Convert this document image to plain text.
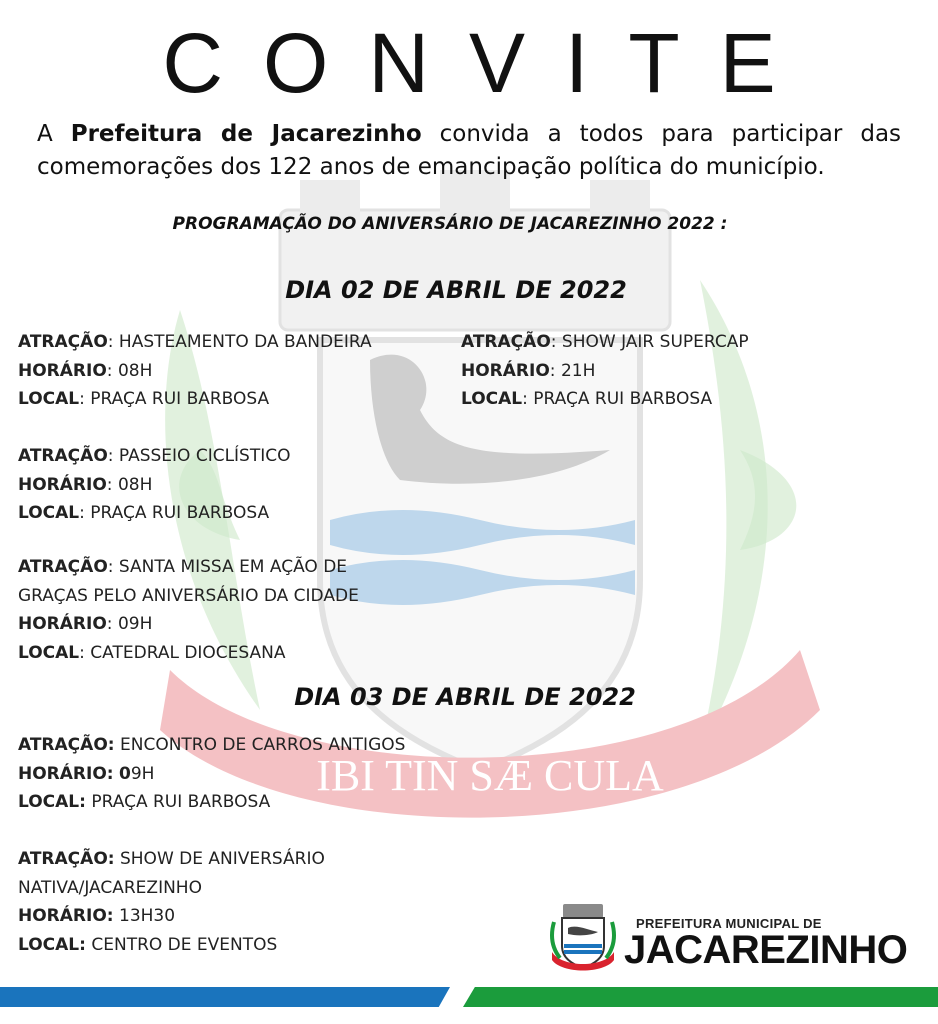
IBI TIN SÆ CULA
CONVITE
A Prefeitura de Jacarezinho convida a todos para participar das comemorações dos 122 anos de emancipação política do município.
PROGRAMAÇÃO DO ANIVERSÁRIO DE JACAREZINHO 2022 :
DIA 02 DE ABRIL DE 2022
ATRAÇÃO: HASTEAMENTO DA BANDEIRA
HORÁRIO: 08H
LOCAL: PRAÇA RUI BARBOSA
ATRAÇÃO: SHOW JAIR SUPERCAP
HORÁRIO: 21H
LOCAL: PRAÇA RUI BARBOSA
ATRAÇÃO: PASSEIO CICLÍSTICO
HORÁRIO: 08H
LOCAL: PRAÇA RUI BARBOSA
ATRAÇÃO: SANTA MISSA EM AÇÃO DE
GRAÇAS PELO ANIVERSÁRIO DA CIDADE
HORÁRIO: 09H
LOCAL: CATEDRAL DIOCESANA
DIA 03 DE ABRIL DE 2022
ATRAÇÃO: ENCONTRO DE CARROS ANTIGOS
HORÁRIO: 09H
LOCAL: PRAÇA RUI BARBOSA
ATRAÇÃO: SHOW DE ANIVERSÁRIO
NATIVA/JACAREZINHO
HORÁRIO: 13H30
LOCAL: CENTRO DE EVENTOS
PREFEITURA MUNICIPAL DE
JACAREZINHO
